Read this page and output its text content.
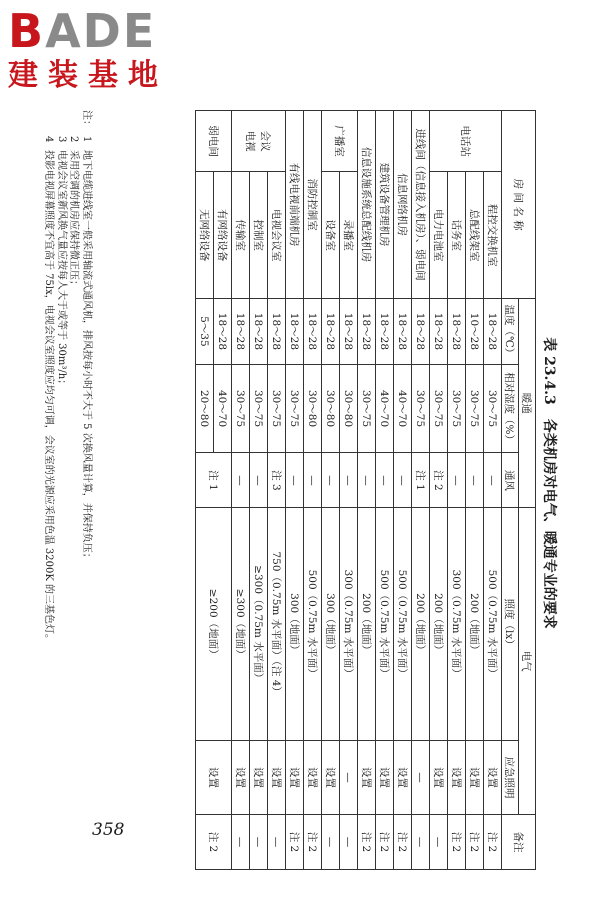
BADE
建装基地
358
表 23.4.3各类机房对电气、暖通专业的要求
房 间 名 称		暖通			电气		备注
		温度（℃）	相对湿度（%）	通风	照度（lx）	应急照明	
电话站	程控交换机室	18～28	30～75	—	500（0.75m 水平面）	设置	注 2
	总配线架室	10～28	30～75	—	200（地面）	设置	注 2
	话务室	18～28	30～75	—	300（0.75m 水平面）	设置	注 2
	电力电池室	18～28	30～75	注 2	200（地面）	设置	—
进线间（信息接入机房）、弱电间		18～28	30～75	注 1	200（地面）	—	—
信息网络机房		18～28	40～70	—	500（0.75m 水平面）	设置	注 2
建筑设备管理机房		18～28	40～70	—	500（0.75m 水平面）	设置	注 2
信息设施系统总配线机房		18～28	30～75	—	200（地面）	设置	注 2
广播室	录播室	18～28	30～80	—	300（0.75m 水平面）	—	—
	设备室	18～28	30～80	—	300（地面）	设置	—
消防控制室		18～28	30～80	—	500（0.75m 水平面）	设置	注 2
有线电视前端机房		18～28	30～75	—	300（地面）	设置	注 2
会议
电视	电视会议室	18～28	30～75	注 3	750（0.75m 水平面）（注 4）	设置	—
	控制室	18～28	30～75	—	≥300（0.75m 水平面）	设置	—
	传输室	18～28	30～75	—	≥300（地面）	设置	—
弱电间	有网络设备	18～28	40～70	注 1	≥200（地面）	设置	注 2
	无网络设备	5～35	20～80				
注：
1
地下电缆进线室一般采用轴流式通风机，排风按每小时不大于 5 次换风量计算，并保持负压；
2
采用空调的机房应保持微正压；
3
电视会议室新风换气量应按每人大于或等于 30m³/h；
4
投影电视屏幕照度不宜高于 75lx，电视会议室照度应均匀可调，会议室的光源应采用色温 3200K 的三基色灯。
